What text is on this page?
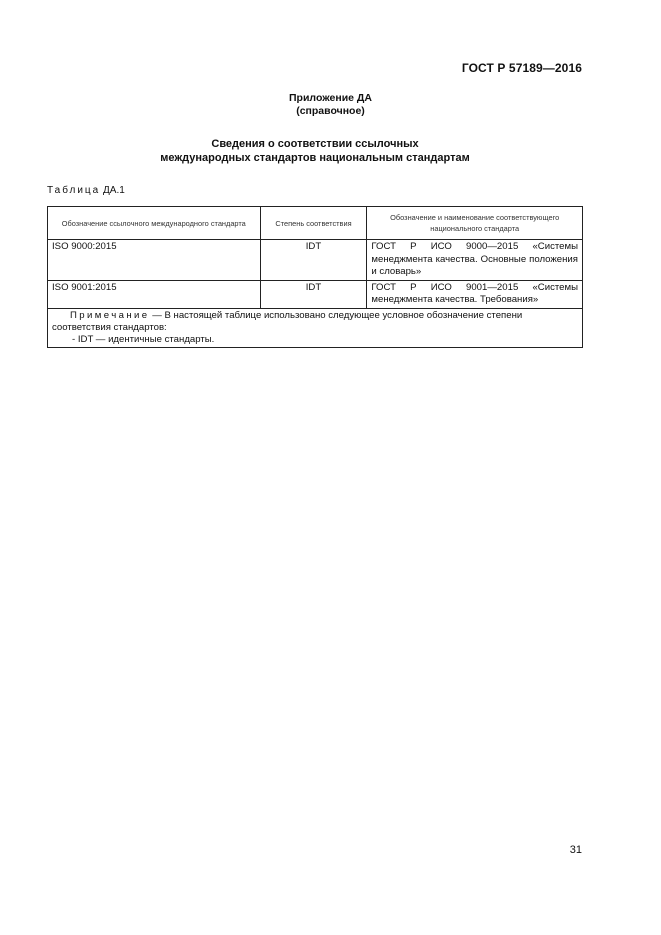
ГОСТ Р 57189—2016
Приложение ДА
(справочное)
Сведения о соответствии ссылочных
международных стандартов национальным стандартам
Таблица ДА.1
Обозначение ссылочного международного стандарта	Степень соответствия	Обозначение и наименование соответствующего национального стандарта
ISO 9000:2015	IDT	ГОСТ Р ИСО 9000—2015 «Системы менеджмента качества. Основные положения и словарь»
ISO 9001:2015	IDT	ГОСТ Р ИСО 9001—2015 «Системы менеджмента качества. Требования»
Примечание — В настоящей таблице использовано следующее условное обозначение степени соответствия стандартов:
- IDT — идентичные стандарты.		
31
